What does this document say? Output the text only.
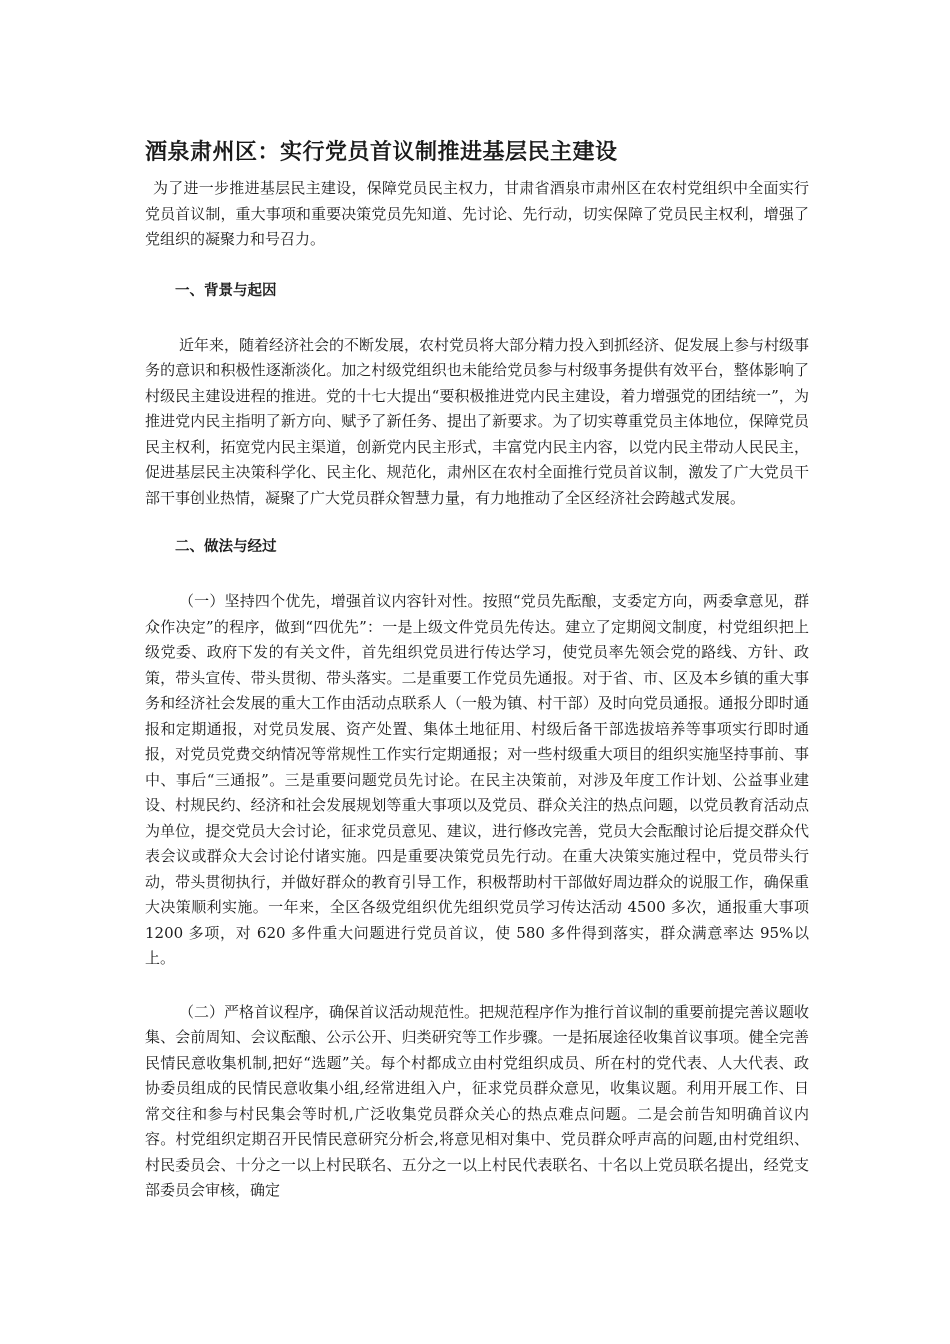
酒泉肃州区：实行党员首议制推进基层民主建设

为了进一步推进基层民主建设，保障党员民主权力，甘肃省酒泉市肃州区在农村党组织中全面实行党员首议制，重大事项和重要决策党员先知道、先讨论、先行动，切实保障了党员民主权利，增强了党组织的凝聚力和号召力。

一、背景与起因

近年来，随着经济社会的不断发展，农村党员将大部分精力投入到抓经济、促发展上参与村级事务的意识和积极性逐渐淡化。加之村级党组织也未能给党员参与村级事务提供有效平台，整体影响了村级民主建设进程的推进。党的十七大提出“要积极推进党内民主建设，着力增强党的团结统一”，为推进党内民主指明了新方向、赋予了新任务、提出了新要求。为了切实尊重党员主体地位，保障党员民主权利，拓宽党内民主渠道，创新党内民主形式，丰富党内民主内容，以党内民主带动人民民主，促进基层民主决策科学化、民主化、规范化，肃州区在农村全面推行党员首议制，激发了广大党员干部干事创业热情，凝聚了广大党员群众智慧力量，有力地推动了全区经济社会跨越式发展。

二、做法与经过

（一）坚持四个优先，增强首议内容针对性。按照“党员先酝酿，支委定方向，两委拿意见，群众作决定”的程序，做到“四优先”：一是上级文件党员先传达。建立了定期阅文制度，村党组织把上级党委、政府下发的有关文件，首先组织党员进行传达学习，使党员率先领会党的路线、方针、政策，带头宣传、带头贯彻、带头落实。二是重要工作党员先通报。对于省、市、区及本乡镇的重大事务和经济社会发展的重大工作由活动点联系人（一般为镇、村干部）及时向党员通报。通报分即时通报和定期通报，对党员发展、资产处置、集体土地征用、村级后备干部选拔培养等事项实行即时通报，对党员党费交纳情况等常规性工作实行定期通报；对一些村级重大项目的组织实施坚持事前、事中、事后“三通报”。三是重要问题党员先讨论。在民主决策前，对涉及年度工作计划、公益事业建设、村规民约、经济和社会发展规划等重大事项以及党员、群众关注的热点问题，以党员教育活动点为单位，提交党员大会讨论，征求党员意见、建议，进行修改完善，党员大会酝酿讨论后提交群众代表会议或群众大会讨论付诸实施。四是重要决策党员先行动。在重大决策实施过程中，党员带头行动，带头贯彻执行，并做好群众的教育引导工作，积极帮助村干部做好周边群众的说服工作，确保重大决策顺利实施。一年来，全区各级党组织优先组织党员学习传达活动 4500 多次，通报重大事项 1200 多项，对 620 多件重大问题进行党员首议，使 580 多件得到落实，群众满意率达 95%以上。

（二）严格首议程序，确保首议活动规范性。把规范程序作为推行首议制的重要前提完善议题收集、会前周知、会议酝酿、公示公开、归类研究等工作步骤。一是拓展途径收集首议事项。健全完善民情民意收集机制,把好“选题”关。每个村都成立由村党组织成员、所在村的党代表、人大代表、政协委员组成的民情民意收集小组,经常进组入户，征求党员群众意见，收集议题。利用开展工作、日常交往和参与村民集会等时机,广泛收集党员群众关心的热点难点问题。二是会前告知明确首议内容。村党组织定期召开民情民意研究分析会,将意见相对集中、党员群众呼声高的问题,由村党组织、村民委员会、十分之一以上村民联名、五分之一以上村民代表联名、十名以上党员联名提出，经党支部委员会审核，确定
